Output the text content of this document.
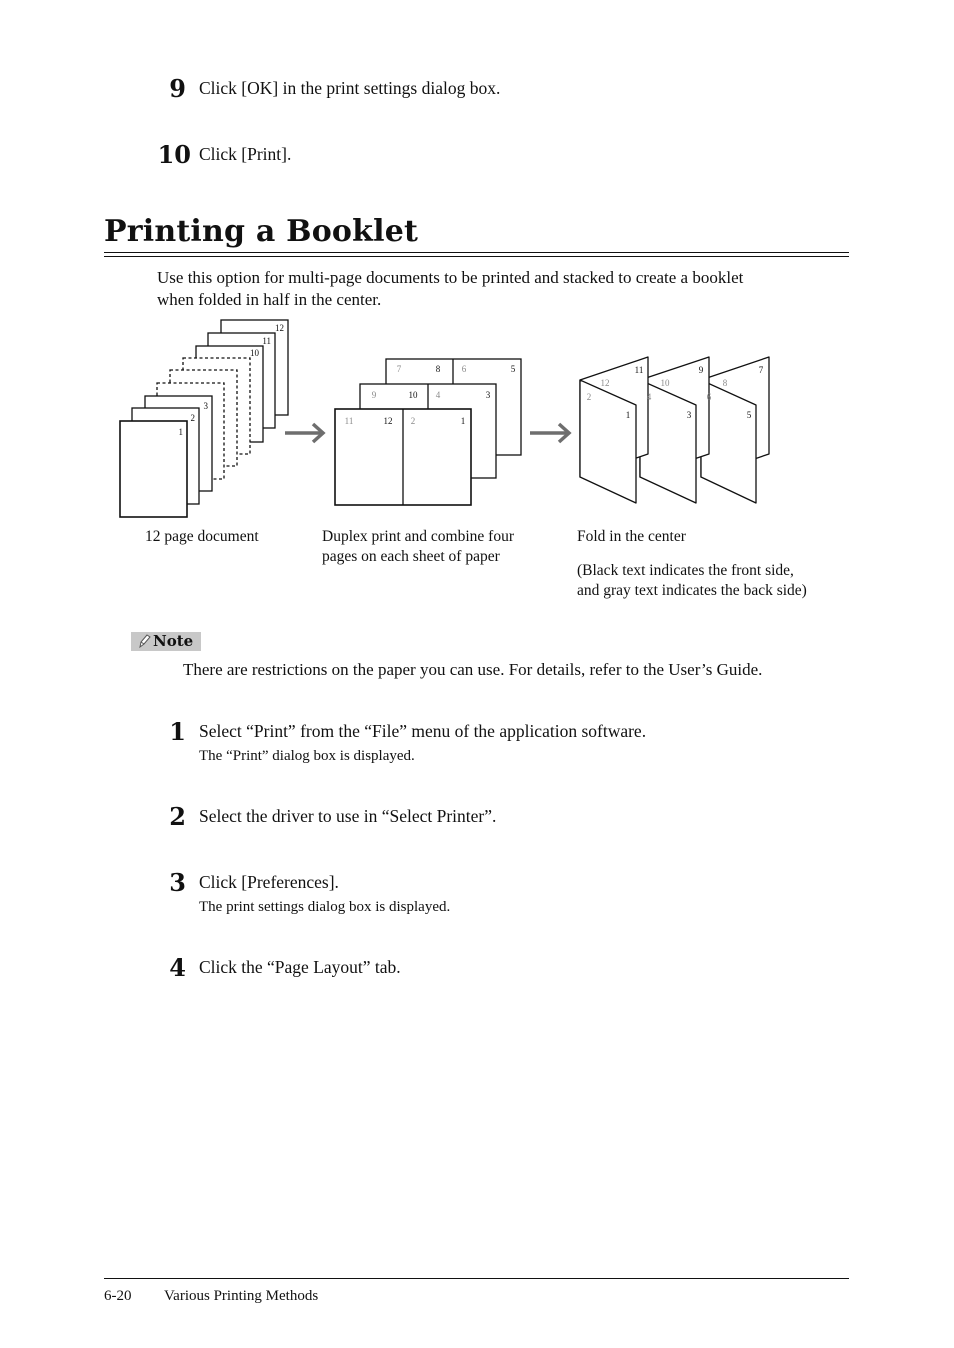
9 Click [OK] in the print settings dialog box.
10 Click [Print].
Printing a Booklet
Use this option for multi-page documents to be printed and stacked to create a booklet
when folded in half in the center.
12
11
10
3
2
1
7	8 6	5
9	10 4	3
11	12 2	1
12
11
2
1
10
9
4
3
8
7
6
5
12 page document	Duplex print and combine four
pages on each sheet of paper
Fold in the center
(Black text indicates the front side,
and gray text indicates the back side)
Note
There are restrictions on the paper you can use. For details, refer to the User’s Guide.
1 Select “Print” from the “File” menu of the application software.
The “Print” dialog box is displayed.
2 Select the driver to use in “Select Printer”.
3 Click [Preferences].
The print settings dialog box is displayed.
4 Click the “Page Layout” tab.
6-20 Various Printing Methods
